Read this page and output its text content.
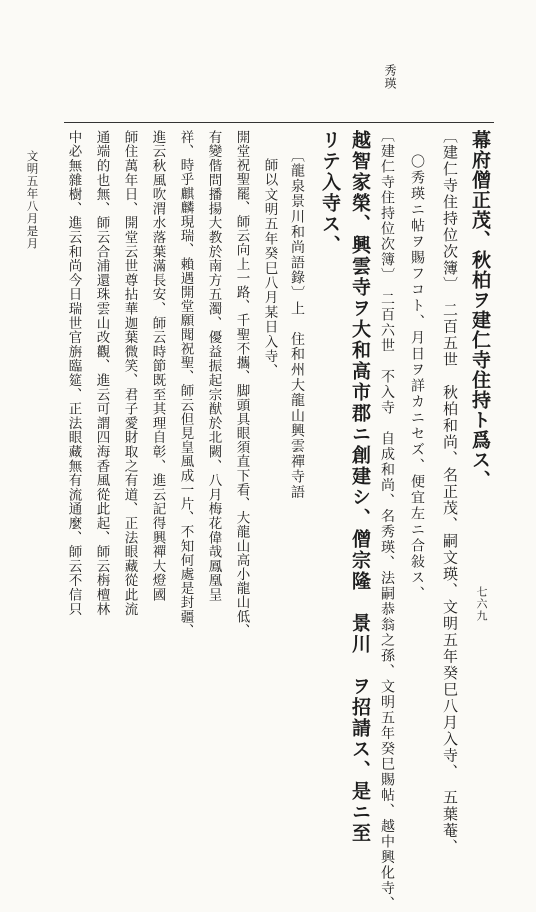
秀瑛
幕府僧正茂、秋柏ヲ建仁寺住持ト爲ス、
〔建仁寺住持位次簿〕　二百五世　秋柏和尚、名正茂、嗣文瑛、文明五年癸巳八月入寺、　五葉菴、
〇秀瑛ニ帖ヲ賜フコト、月日ヲ詳カニセズ、便宜左ニ合敍ス、
〔建仁寺住持位次簿〕　二百六世　不入寺　自成和尚、名秀瑛、法嗣恭翁之孫、文明五年癸巳賜帖、越中興化寺、
越智家榮、興雲寺ヲ大和高市郡ニ創建シ、僧宗隆　景川　ヲ招請ス、是ニ至
リテ入寺ス、
〔龍泉景川和尚語錄〕上　住和州大龍山興雲禪寺語
師以文明五年癸巳八月某日入寺、
開堂祝聖罷、師云向上一路、千聖不攜、脚頭具眼須直下看、大龍山高小龍山低、
有變偕問播揚大教於南方五濁、優益振起宗猷於北闕、八月梅花偉哉鳳凰呈
祥、時乎麒麟現瑞、賴遇開堂願聞祝聖、師云但見皇風成一片、不知何處是封疆、
進云秋風吹渭水落葉滿長安、師云時節既至其理自彰、進云記得興禪大燈國
師住萬年日、開堂云世尊拈華迦葉微笑、君子愛財取之有道、正法眼藏從此流
通端的也無、師云合浦還珠雲山改觀、進云可謂四海香風從此起、師云栴檀林
中必無雜樹、進云和尚今日瑞世官旃臨筵、正法眼藏無有流通麼、師云不信只
文明五年八月是月
七六九
